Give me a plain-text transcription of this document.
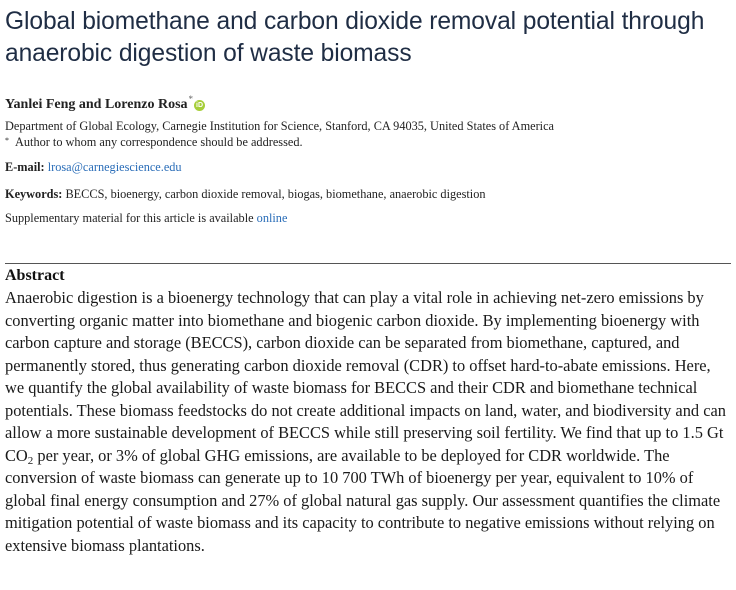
Global biomethane and carbon dioxide removal potential through anaerobic digestion of waste biomass
Yanlei Feng and Lorenzo Rosa*iD
Department of Global Ecology, Carnegie Institution for Science, Stanford, CA 94035, United States of America
* Author to whom any correspondence should be addressed.
E-mail: lrosa@carnegiescience.edu
Keywords: BECCS, bioenergy, carbon dioxide removal, biogas, biomethane, anaerobic digestion
Supplementary material for this article is available online
Abstract
Anaerobic digestion is a bioenergy technology that can play a vital role in achieving net-zero emissions by converting organic matter into biomethane and biogenic carbon dioxide. By implementing bioenergy with carbon capture and storage (BECCS), carbon dioxide can be separated from biomethane, captured, and permanently stored, thus generating carbon dioxide removal (CDR) to offset hard-to-abate emissions. Here, we quantify the global availability of waste biomass for BECCS and their CDR and biomethane technical potentials. These biomass feedstocks do not create additional impacts on land, water, and biodiversity and can allow a more sustainable development of BECCS while still preserving soil fertility. We find that up to 1.5 Gt $CO_2$ per year, or 3% of global GHG emissions, are available to be deployed for CDR worldwide. The conversion of waste biomass can generate up to 10 700 TWh of bioenergy per year, equivalent to 10% of global final energy consumption and 27% of global natural gas supply. Our assessment quantifies the climate mitigation potential of waste biomass and its capacity to contribute to negative emissions without relying on extensive biomass plantations.
